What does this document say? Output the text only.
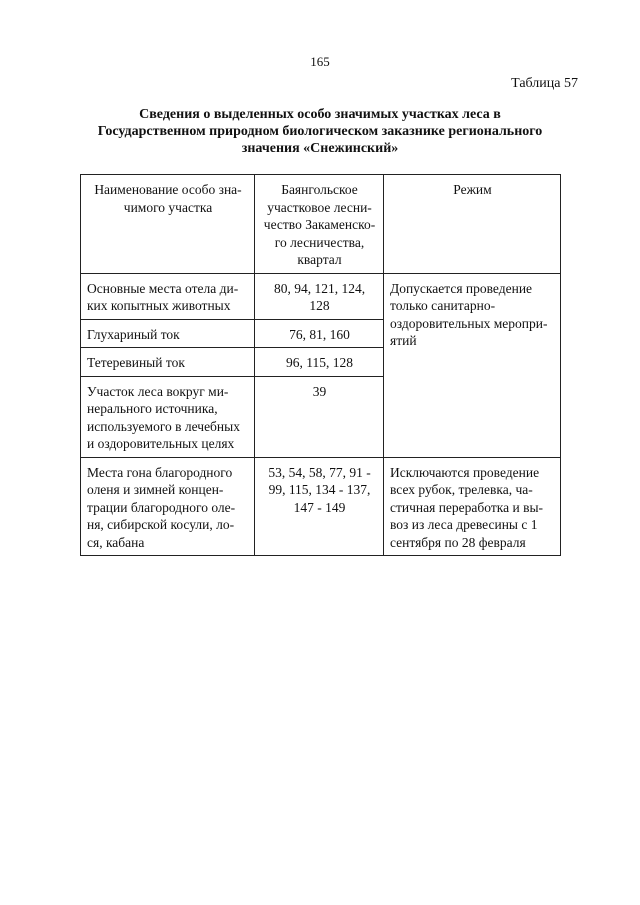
165
Таблица 57
Сведения о выделенных особо значимых участках леса в
Государственном природном биологическом заказнике регионального
значения «Снежинский»
Наименование особо зна-
чимого участка	Баянгольское
участковое лесни-
чество Закаменско-
го лесничества,
квартал	Режим

Основные места отела ди-
ких копытных животных	80, 94, 121, 124,
128	Допускается проведение
только санитарно-
оздоровительных меропри-
ятий

Глухариный ток	76, 81, 160	

Тетеревиный ток	96, 115, 128	

Участок леса вокруг ми-
нерального источника,
используемого в лечебных
и оздоровительных целях	39	

Места гона благородного
оленя и зимней концен-
трации благородного оле-
ня, сибирской косули, ло-
ся, кабана	53, 54, 58, 77, 91 -
99, 115, 134 - 137,
147 - 149	Исключаются проведение
всех рубок, трелевка, ча-
стичная переработка и вы-
воз из леса древесины с 1
сентября по 28 февраля
